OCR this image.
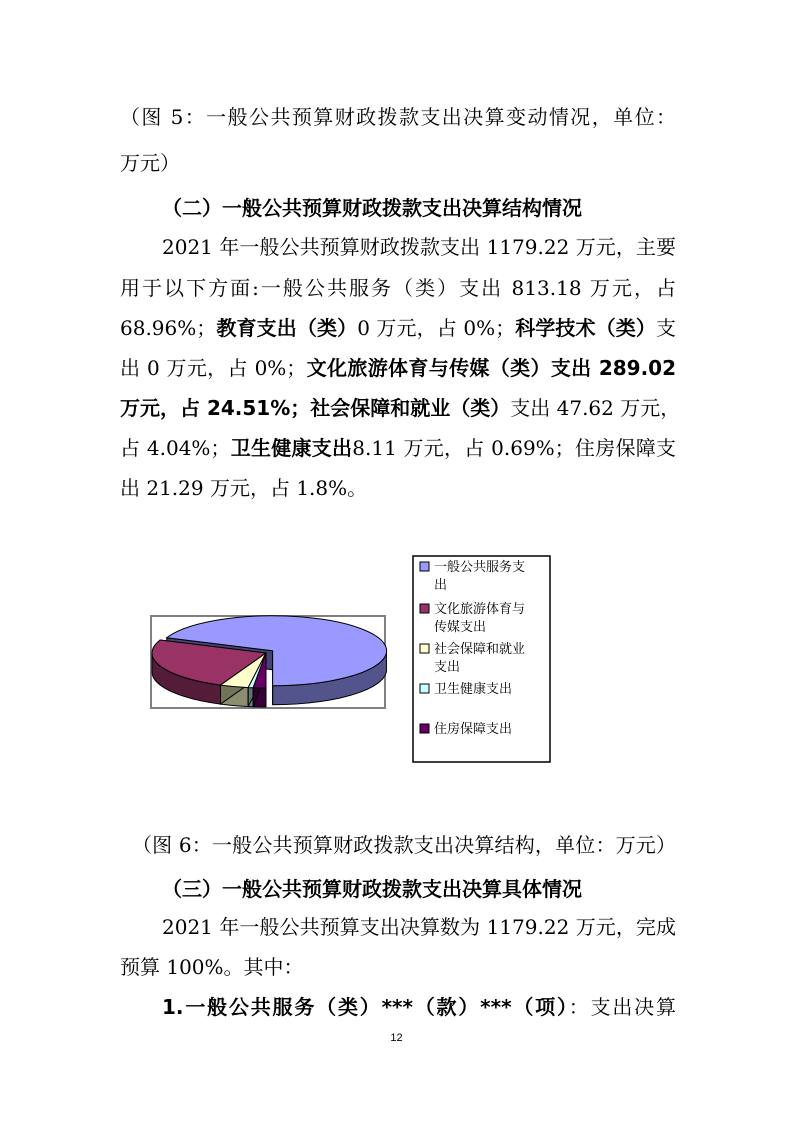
（图 5：一般公共预算财政拨款支出决算变动情况，单位：
万元）
（二）一般公共预算财政拨款支出决算结构情况
2021 年一般公共预算财政拨款支出 1179.22 万元，主要
用于以下方面:一般公共服务（类）支出 813.18 万元，占
68.96%；教育支出（类）0 万元，占 0%；科学技术（类）支
出 0 万元，占 0%；文化旅游体育与传媒（类）支出 289.02
万元，占 24.51%；社会保障和就业（类）支出 47.62 万元，
占 4.04%；卫生健康支出8.11 万元，占 0.69%；住房保障支
出 21.29 万元，占 1.8%。
一般公共服务支
出
文化旅游体育与
传媒支出
社会保障和就业
支出
卫生健康支出
住房保障支出
（图 6：一般公共预算财政拨款支出决算结构，单位：万元）
（三）一般公共预算财政拨款支出决算具体情况
2021 年一般公共预算支出决算数为 1179.22 万元，完成
预算 100%。其中：
1.一般公共服务（类）***（款）***（项）：支出决算
12
